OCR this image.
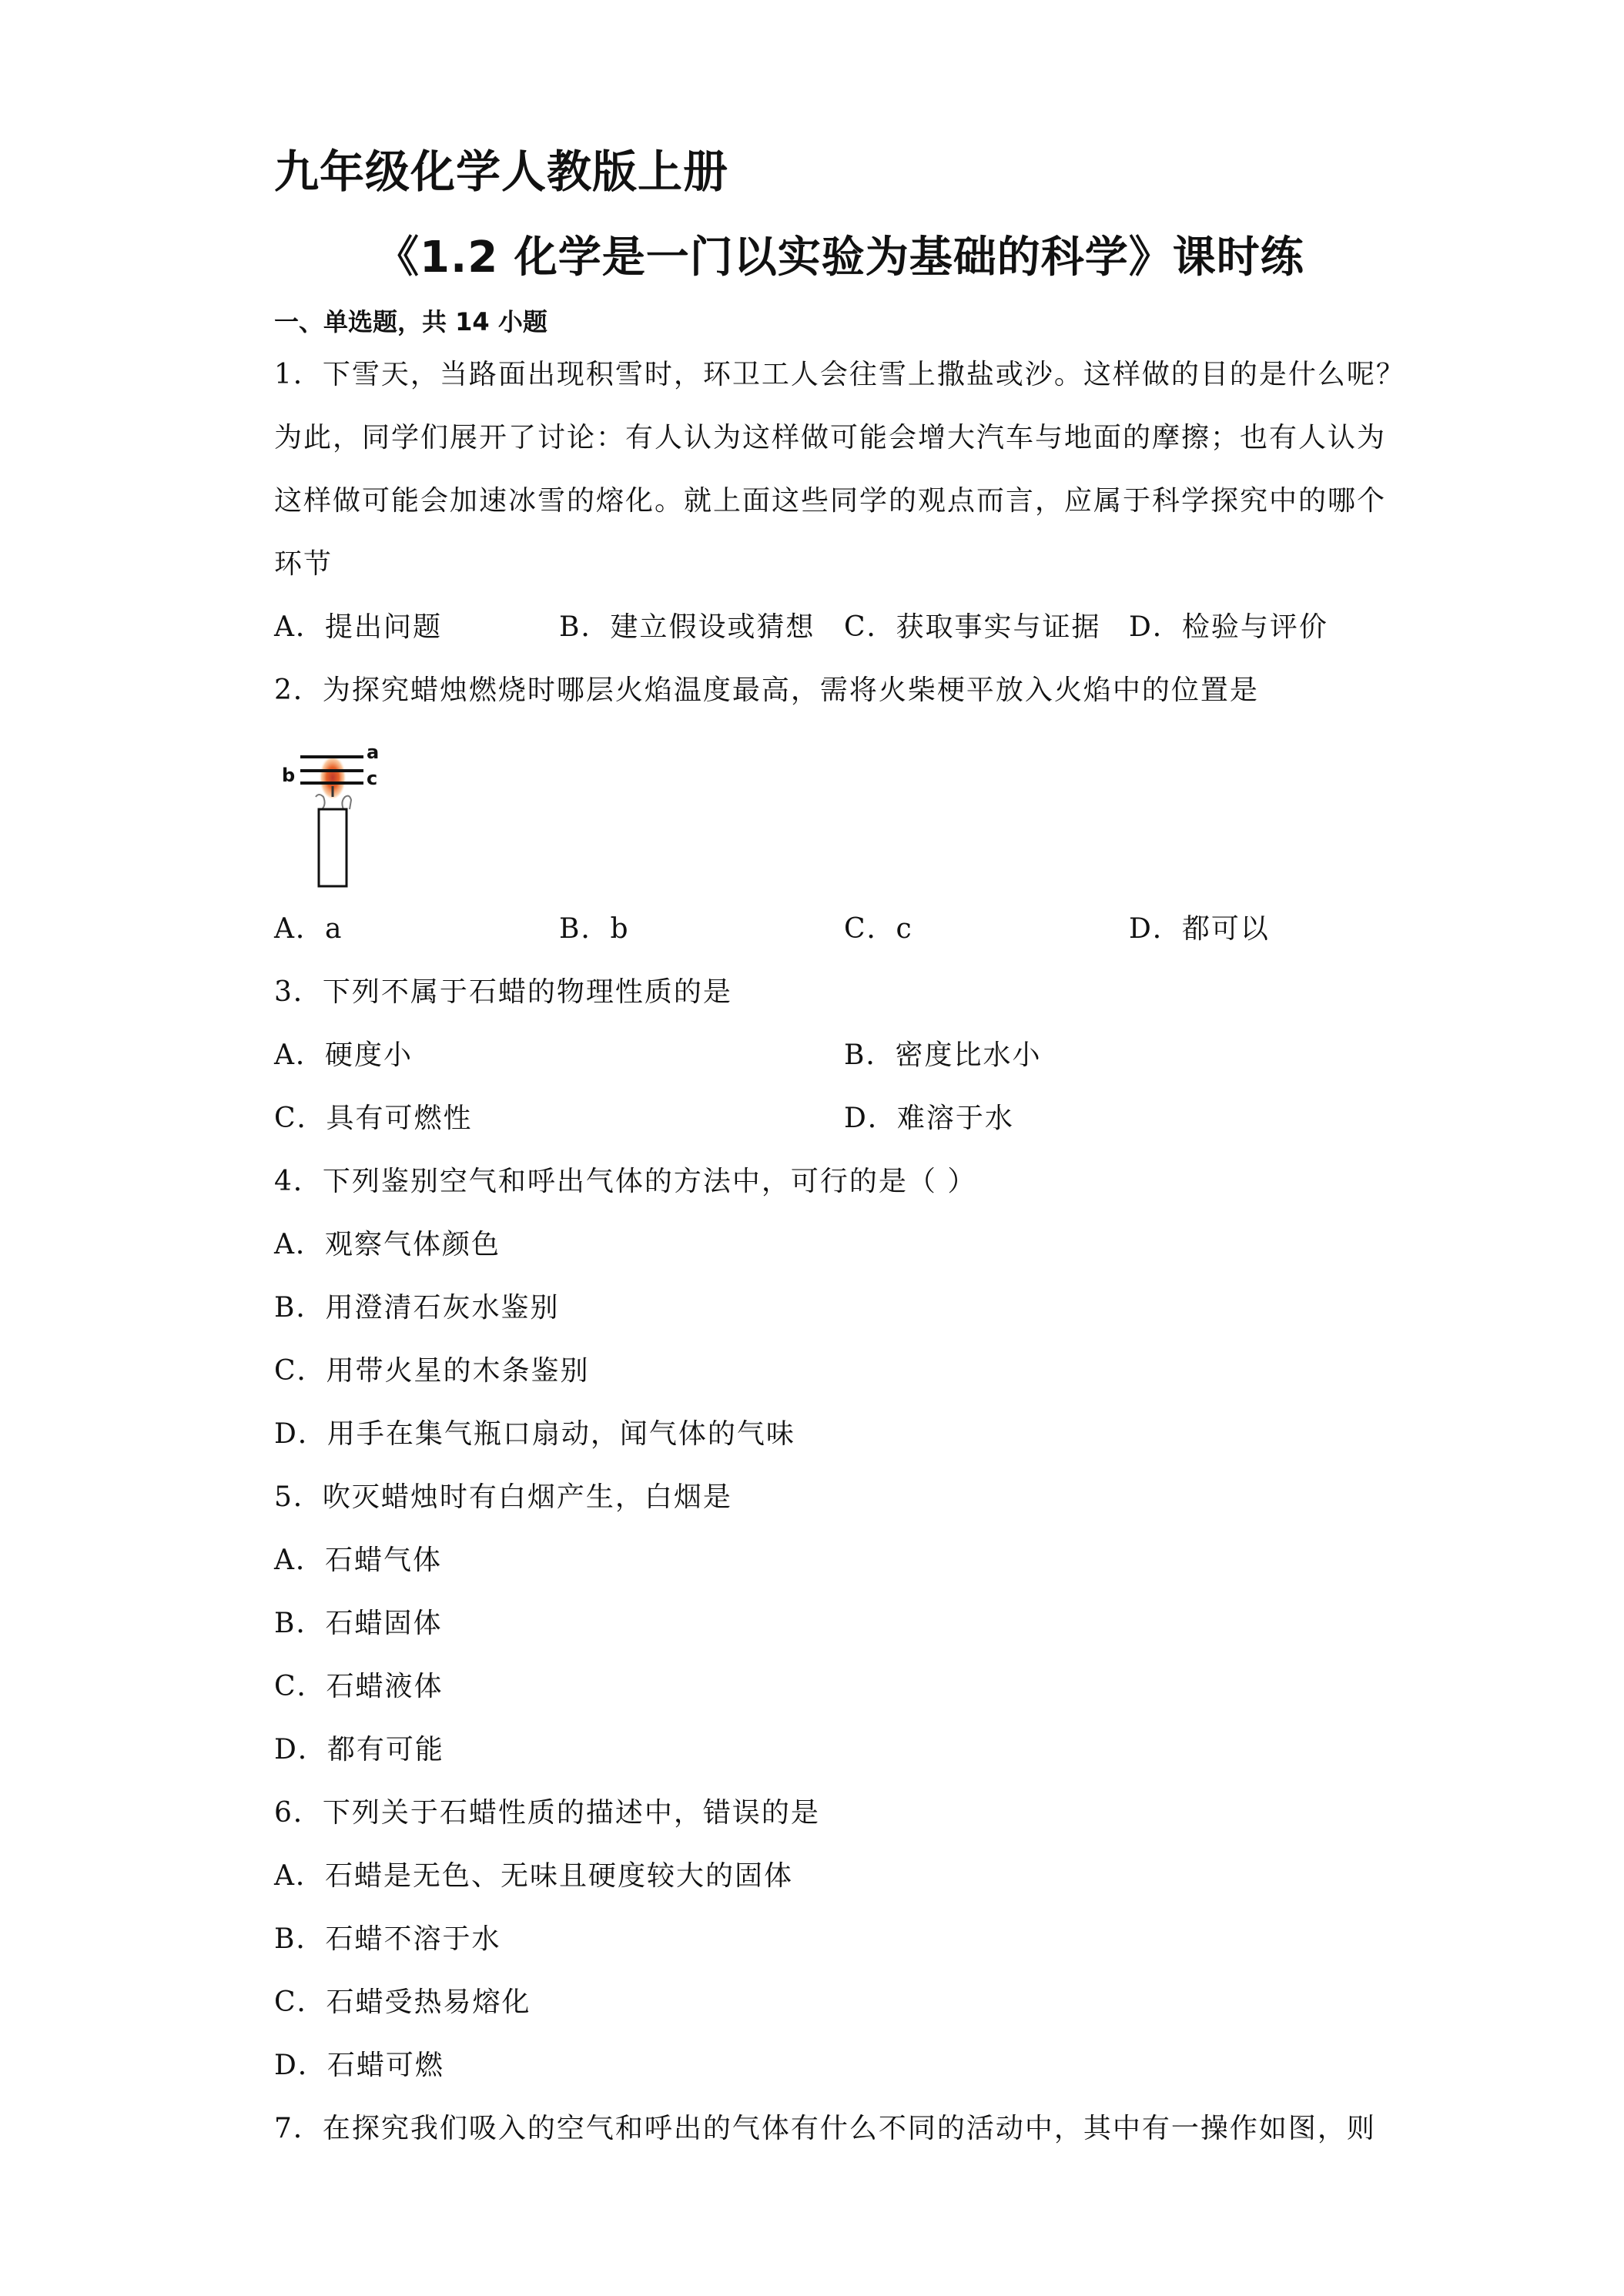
九年级化学人教版上册
《1.2 化学是一门以实验为基础的科学》课时练
一、单选题，共 14 小题
1．下雪天，当路面出现积雪时，环卫工人会往雪上撒盐或沙。这样做的目的是什么呢？
为此，同学们展开了讨论：有人认为这样做可能会增大汽车与地面的摩擦；也有人认为
这样做可能会加速冰雪的熔化。就上面这些同学的观点而言，应属于科学探究中的哪个
环节
A．提出问题	B．建立假设或猜想 C．获取事实与证据 D．检验与评价
2．为探究蜡烛燃烧时哪层火焰温度最高，需将火柴梗平放入火焰中的位置是
a
b	c
A．a	B．b	C．c	D．都可以
3．下列不属于石蜡的物理性质的是
A．硬度小	B．密度比水小
C．具有可燃性	D．难溶于水
4．下列鉴别空气和呼出气体的方法中，可行的是（ ）
A．观察气体颜色
B．用澄清石灰水鉴别
C．用带火星的木条鉴别
D．用手在集气瓶口扇动，闻气体的气味
5．吹灭蜡烛时有白烟产生，白烟是
A．石蜡气体
B．石蜡固体
C．石蜡液体
D．都有可能
6．下列关于石蜡性质的描述中，错误的是
A．石蜡是无色、无味且硬度较大的固体
B．石蜡不溶于水
C．石蜡受热易熔化
D．石蜡可燃
7．在探究我们吸入的空气和呼出的气体有什么不同的活动中，其中有一操作如图，则
